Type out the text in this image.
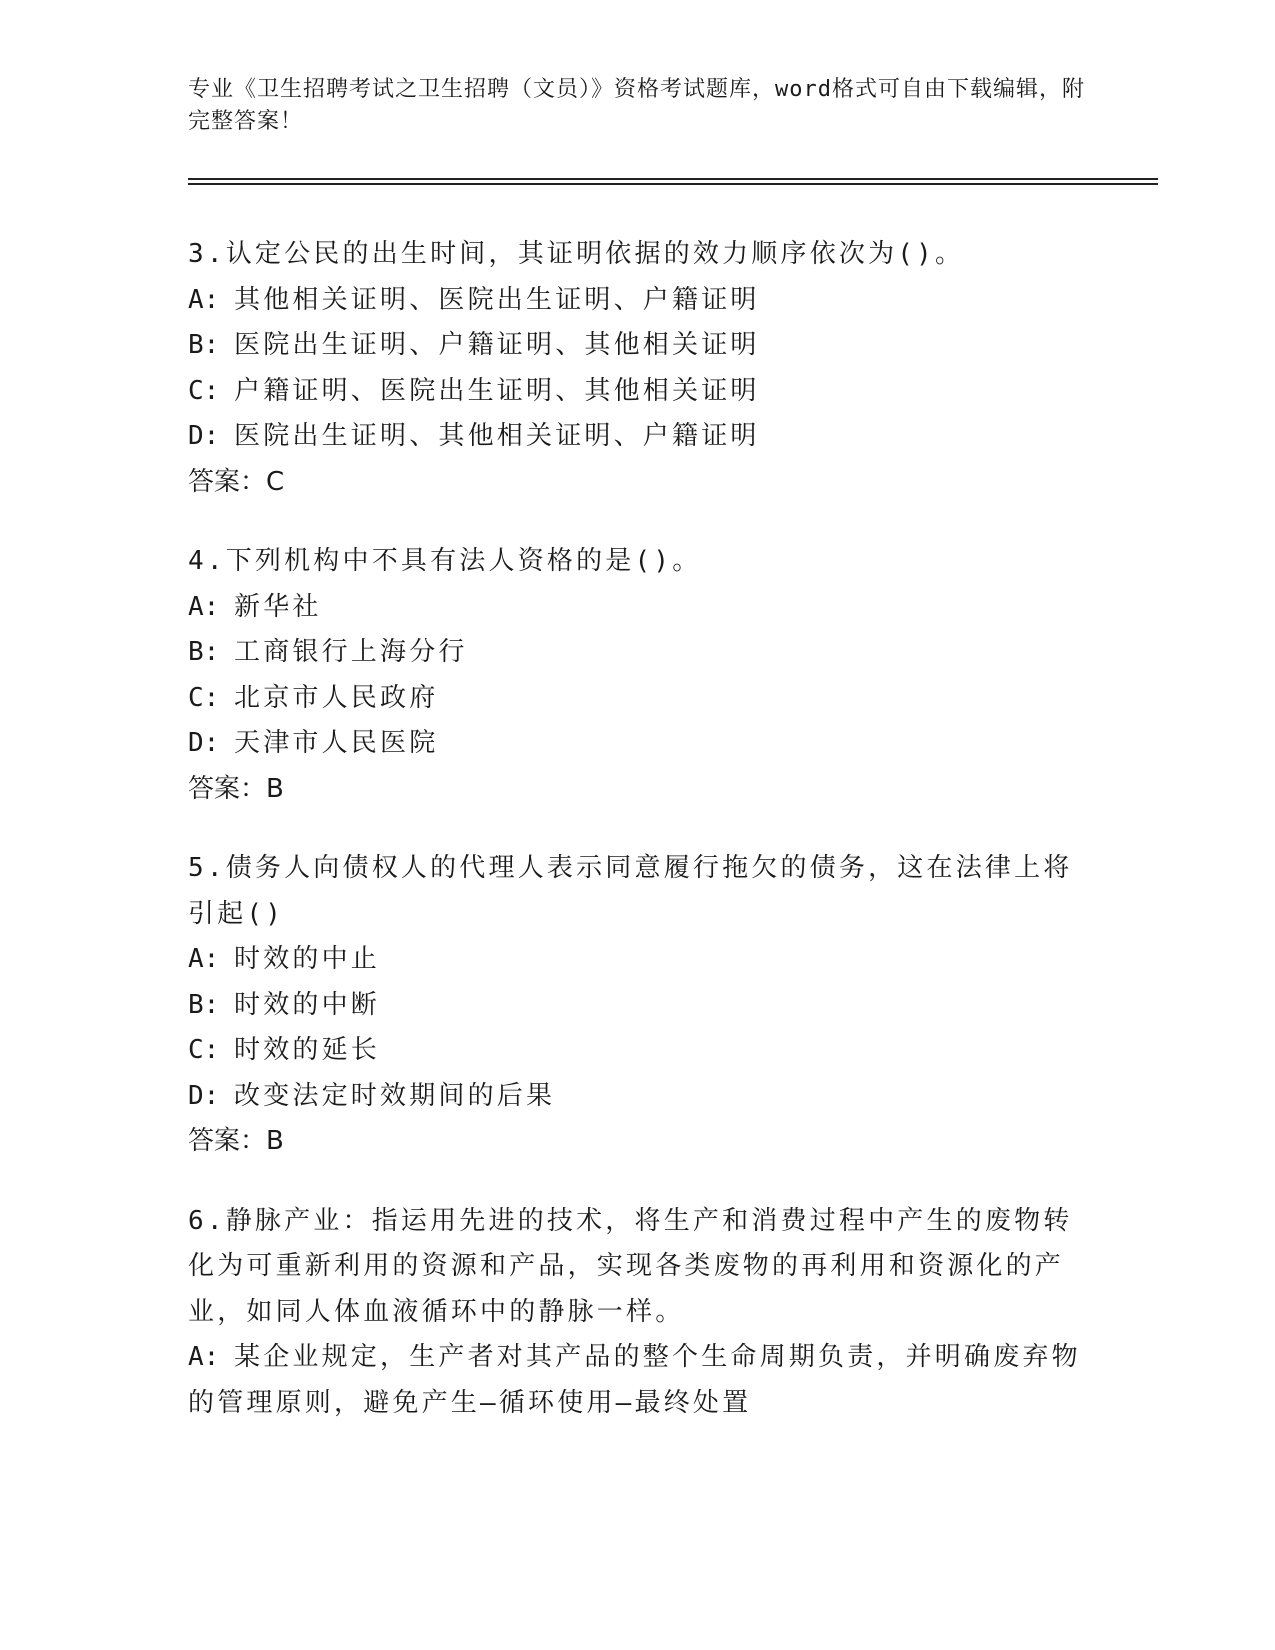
专业《卫生招聘考试之卫生招聘（文员）》资格考试题库，word格式可自由下载编辑，附完整答案！

3.认定公民的出生时间，其证明依据的效力顺序依次为()。

A: 其他相关证明、医院出生证明、户籍证明

B: 医院出生证明、户籍证明、其他相关证明

C: 户籍证明、医院出生证明、其他相关证明

D: 医院出生证明、其他相关证明、户籍证明

答案：C

4.下列机构中不具有法人资格的是()。

A: 新华社

B: 工商银行上海分行

C: 北京市人民政府

D: 天津市人民医院

答案：B

5.债务人向债权人的代理人表示同意履行拖欠的债务，这在法律上将引起()

A: 时效的中止

B: 时效的中断

C: 时效的延长

D: 改变法定时效期间的后果

答案：B

6.静脉产业：指运用先进的技术，将生产和消费过程中产生的废物转化为可重新利用的资源和产品，实现各类废物的再利用和资源化的产业，如同人体血液循环中的静脉一样。

A: 某企业规定，生产者对其产品的整个生命周期负责，并明确废弃物的管理原则，避免产生—循环使用—最终处置
